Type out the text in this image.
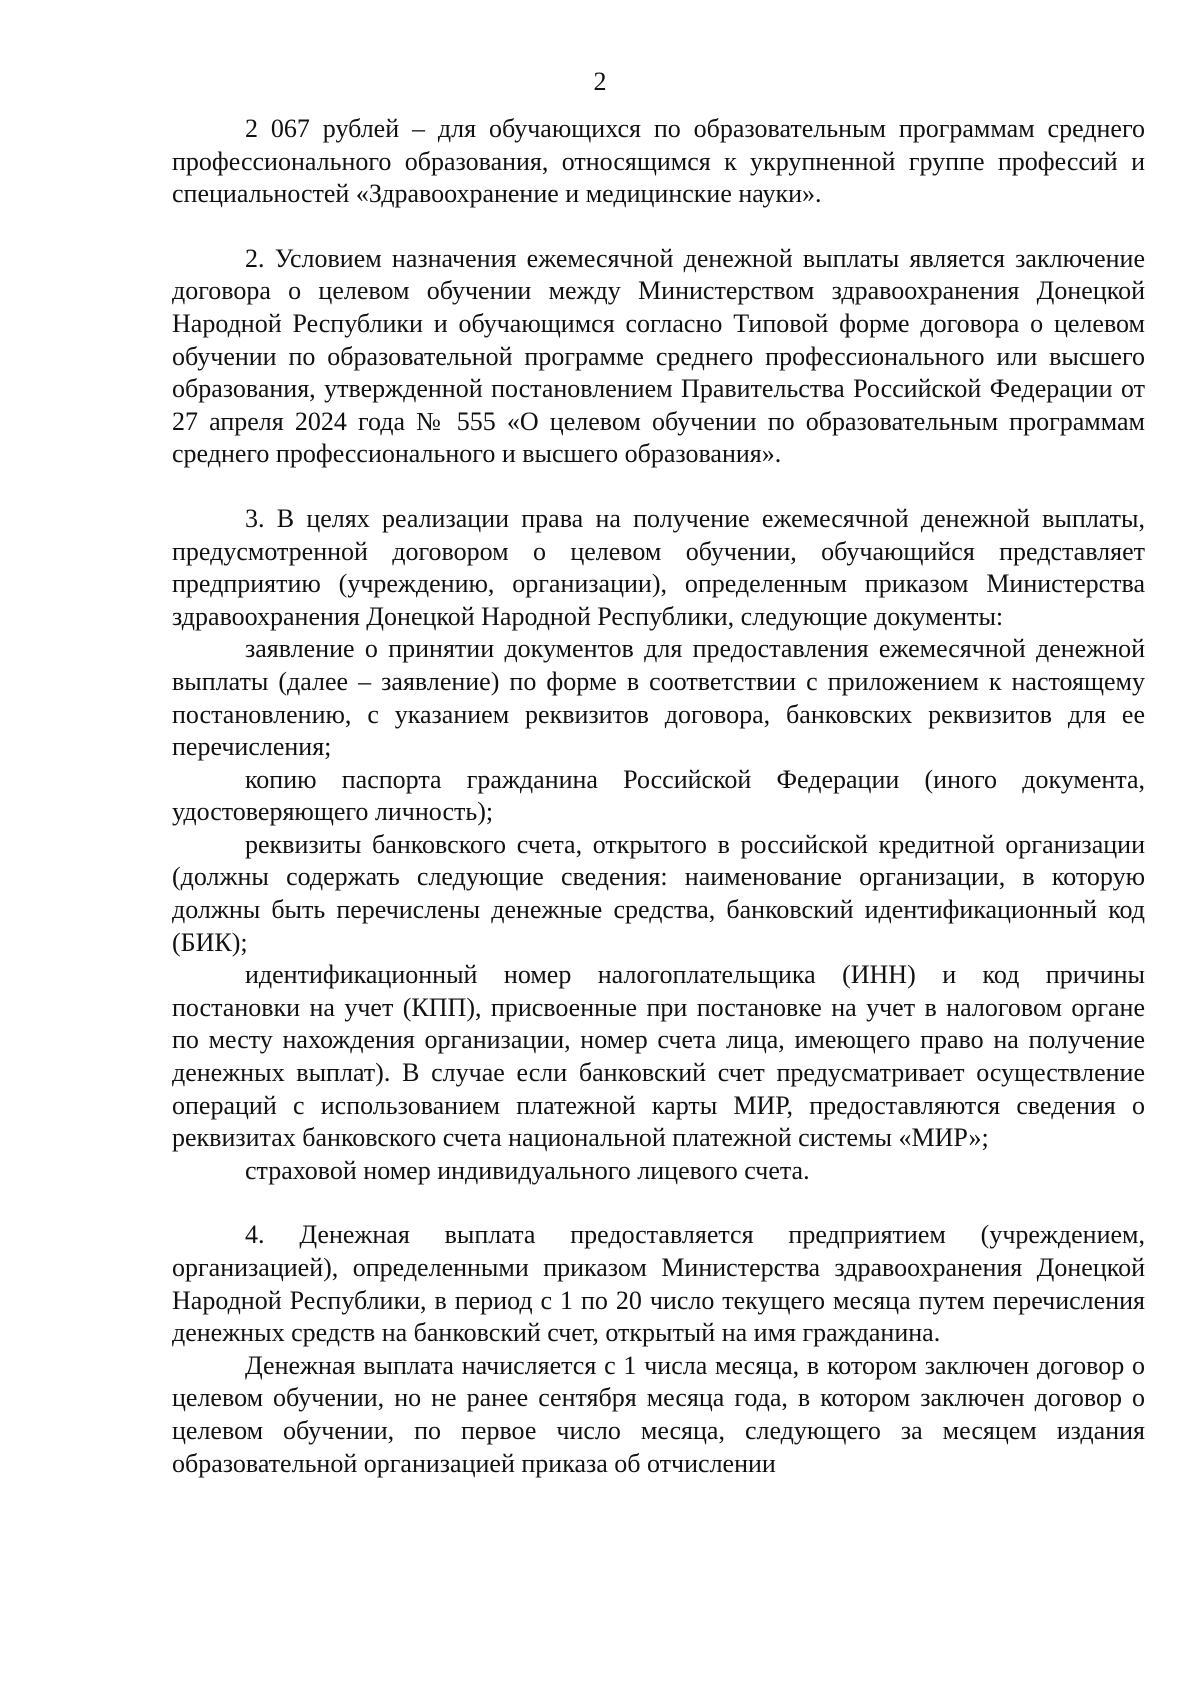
2

2 067 рублей – для обучающихся по образовательным программам среднего профессионального образования, относящимся к укрупненной группе профессий и специальностей «Здравоохранение и медицинские науки».

2. Условием назначения ежемесячной денежной выплаты является заключение договора о целевом обучении между Министерством здравоохранения Донецкой Народной Республики и обучающимся согласно Типовой форме договора о целевом обучении по образовательной программе среднего профессионального или высшего образования, утвержденной постановлением Правительства Российской Федерации от 27 апреля 2024 года № 555 «О целевом обучении по образовательным программам среднего профессионального и высшего образования».

3. В целях реализации права на получение ежемесячной денежной выплаты, предусмотренной договором о целевом обучении, обучающийся представляет предприятию (учреждению, организации), определенным приказом Министерства здравоохранения Донецкой Народной Республики, следующие документы:

заявление о принятии документов для предоставления ежемесячной денежной выплаты (далее – заявление) по форме в соответствии с приложением к настоящему постановлению, с указанием реквизитов договора, банковских реквизитов для ее перечисления;

копию паспорта гражданина Российской Федерации (иного документа, удостоверяющего личность);

реквизиты банковского счета, открытого в российской кредитной организации (должны содержать следующие сведения: наименование организации, в которую должны быть перечислены денежные средства, банковский идентификационный код (БИК);

идентификационный номер налогоплательщика (ИНН) и код причины постановки на учет (КПП), присвоенные при постановке на учет в налоговом органе по месту нахождения организации, номер счета лица, имеющего право на получение денежных выплат). В случае если банковский счет предусматривает осуществление операций с использованием платежной карты МИР, предоставляются сведения о реквизитах банковского счета национальной платежной системы «МИР»;

страховой номер индивидуального лицевого счета.

4. Денежная выплата предоставляется предприятием (учреждением, организацией), определенными приказом Министерства здравоохранения Донецкой Народной Республики, в период с 1 по 20 число текущего месяца путем перечисления денежных средств на банковский счет, открытый на имя гражданина.

Денежная выплата начисляется с 1 числа месяца, в котором заключен договор о целевом обучении, но не ранее сентября месяца года, в котором заключен договор о целевом обучении, по первое число месяца, следующего за месяцем издания образовательной организацией приказа об отчислении
